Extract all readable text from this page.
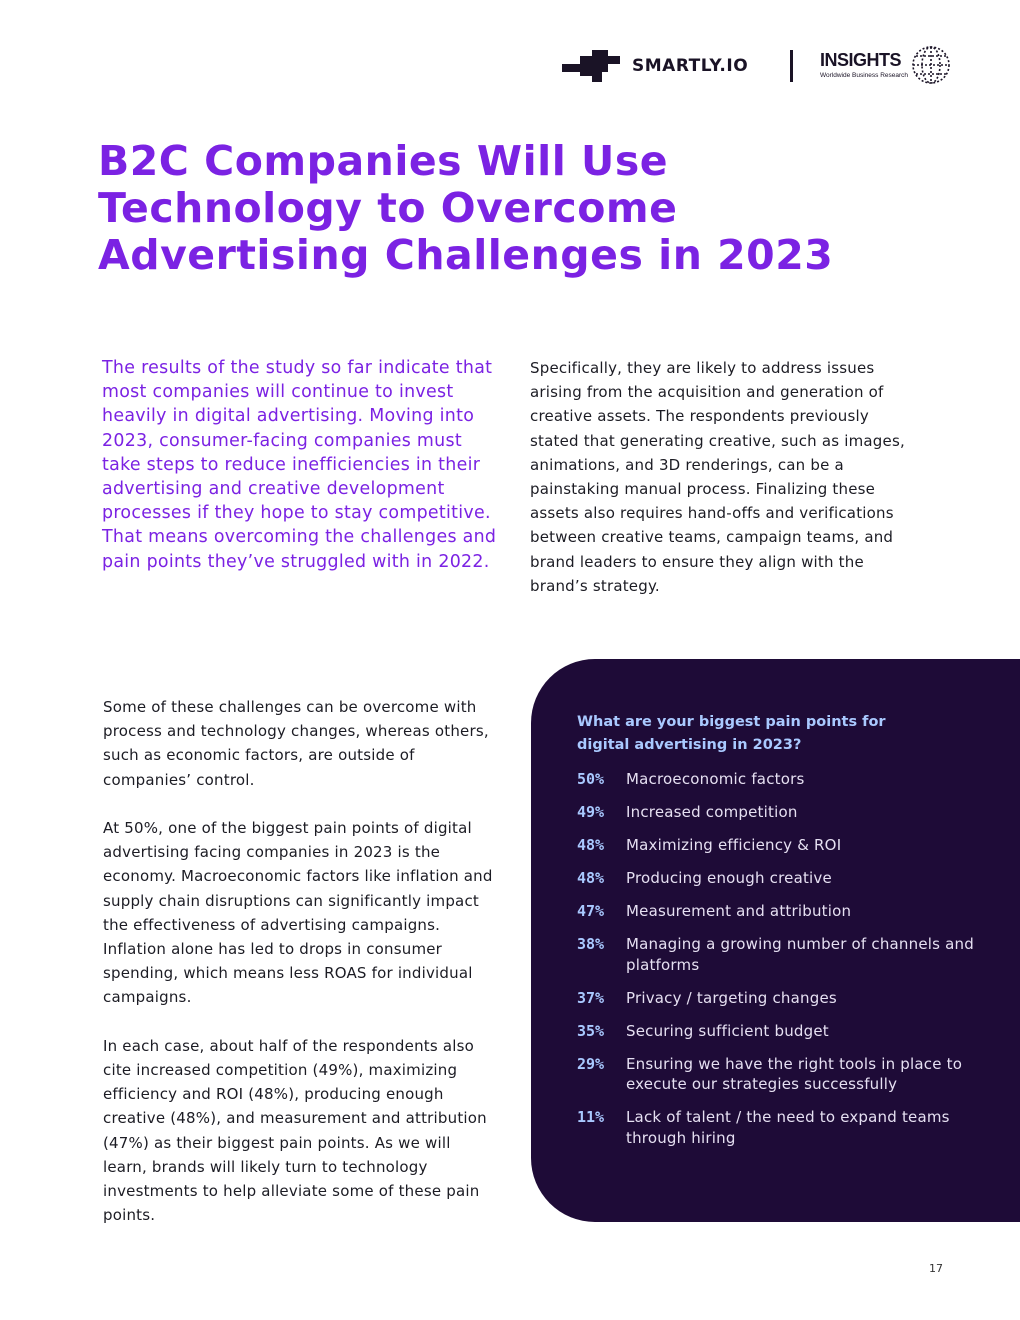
SMARTLY.IO	INSIGHTS
Worldwide Business Research
B2C Companies Will Use Technology to Overcome Advertising Challenges in 2023

The results of the study so far indicate that most companies will continue to invest heavily in digital advertising. Moving into 2023, consumer-facing companies must take steps to reduce inefficiencies in their advertising and creative development processes if they hope to stay competitive. That means overcoming the challenges and pain points they’ve struggled with in 2022.

Specifically, they are likely to address issues arising from the acquisition and generation of creative assets. The respondents previously stated that generating creative, such as images, animations, and 3D renderings, can be a painstaking manual process. Finalizing these assets also requires hand-offs and verifications between creative teams, campaign teams, and brand leaders to ensure they align with the brand’s strategy.

Some of these challenges can be overcome with process and technology changes, whereas others, such as economic factors, are outside of companies’ control.

At 50%, one of the biggest pain points of digital advertising facing companies in 2023 is the economy. Macroeconomic factors like inflation and supply chain disruptions can significantly impact the effectiveness of advertising campaigns. Inflation alone has led to drops in consumer spending, which means less ROAS for individual campaigns.

In each case, about half of the respondents also cite increased competition (49%), maximizing efficiency and ROI (48%), producing enough creative (48%), and measurement and attribution (47%) as their biggest pain points. As we will learn, brands will likely turn to technology investments to help alleviate some of these pain points.

What are your biggest pain points for digital advertising in 2023?

50% Macroeconomic factors
49% Increased competition
48% Maximizing efficiency & ROI
48% Producing enough creative
47% Measurement and attribution
38% Managing a growing number of channels and platforms
37% Privacy / targeting changes
35% Securing sufficient budget
29% Ensuring we have the right tools in place to execute our strategies successfully
11% Lack of talent / the need to expand teams through hiring
17
